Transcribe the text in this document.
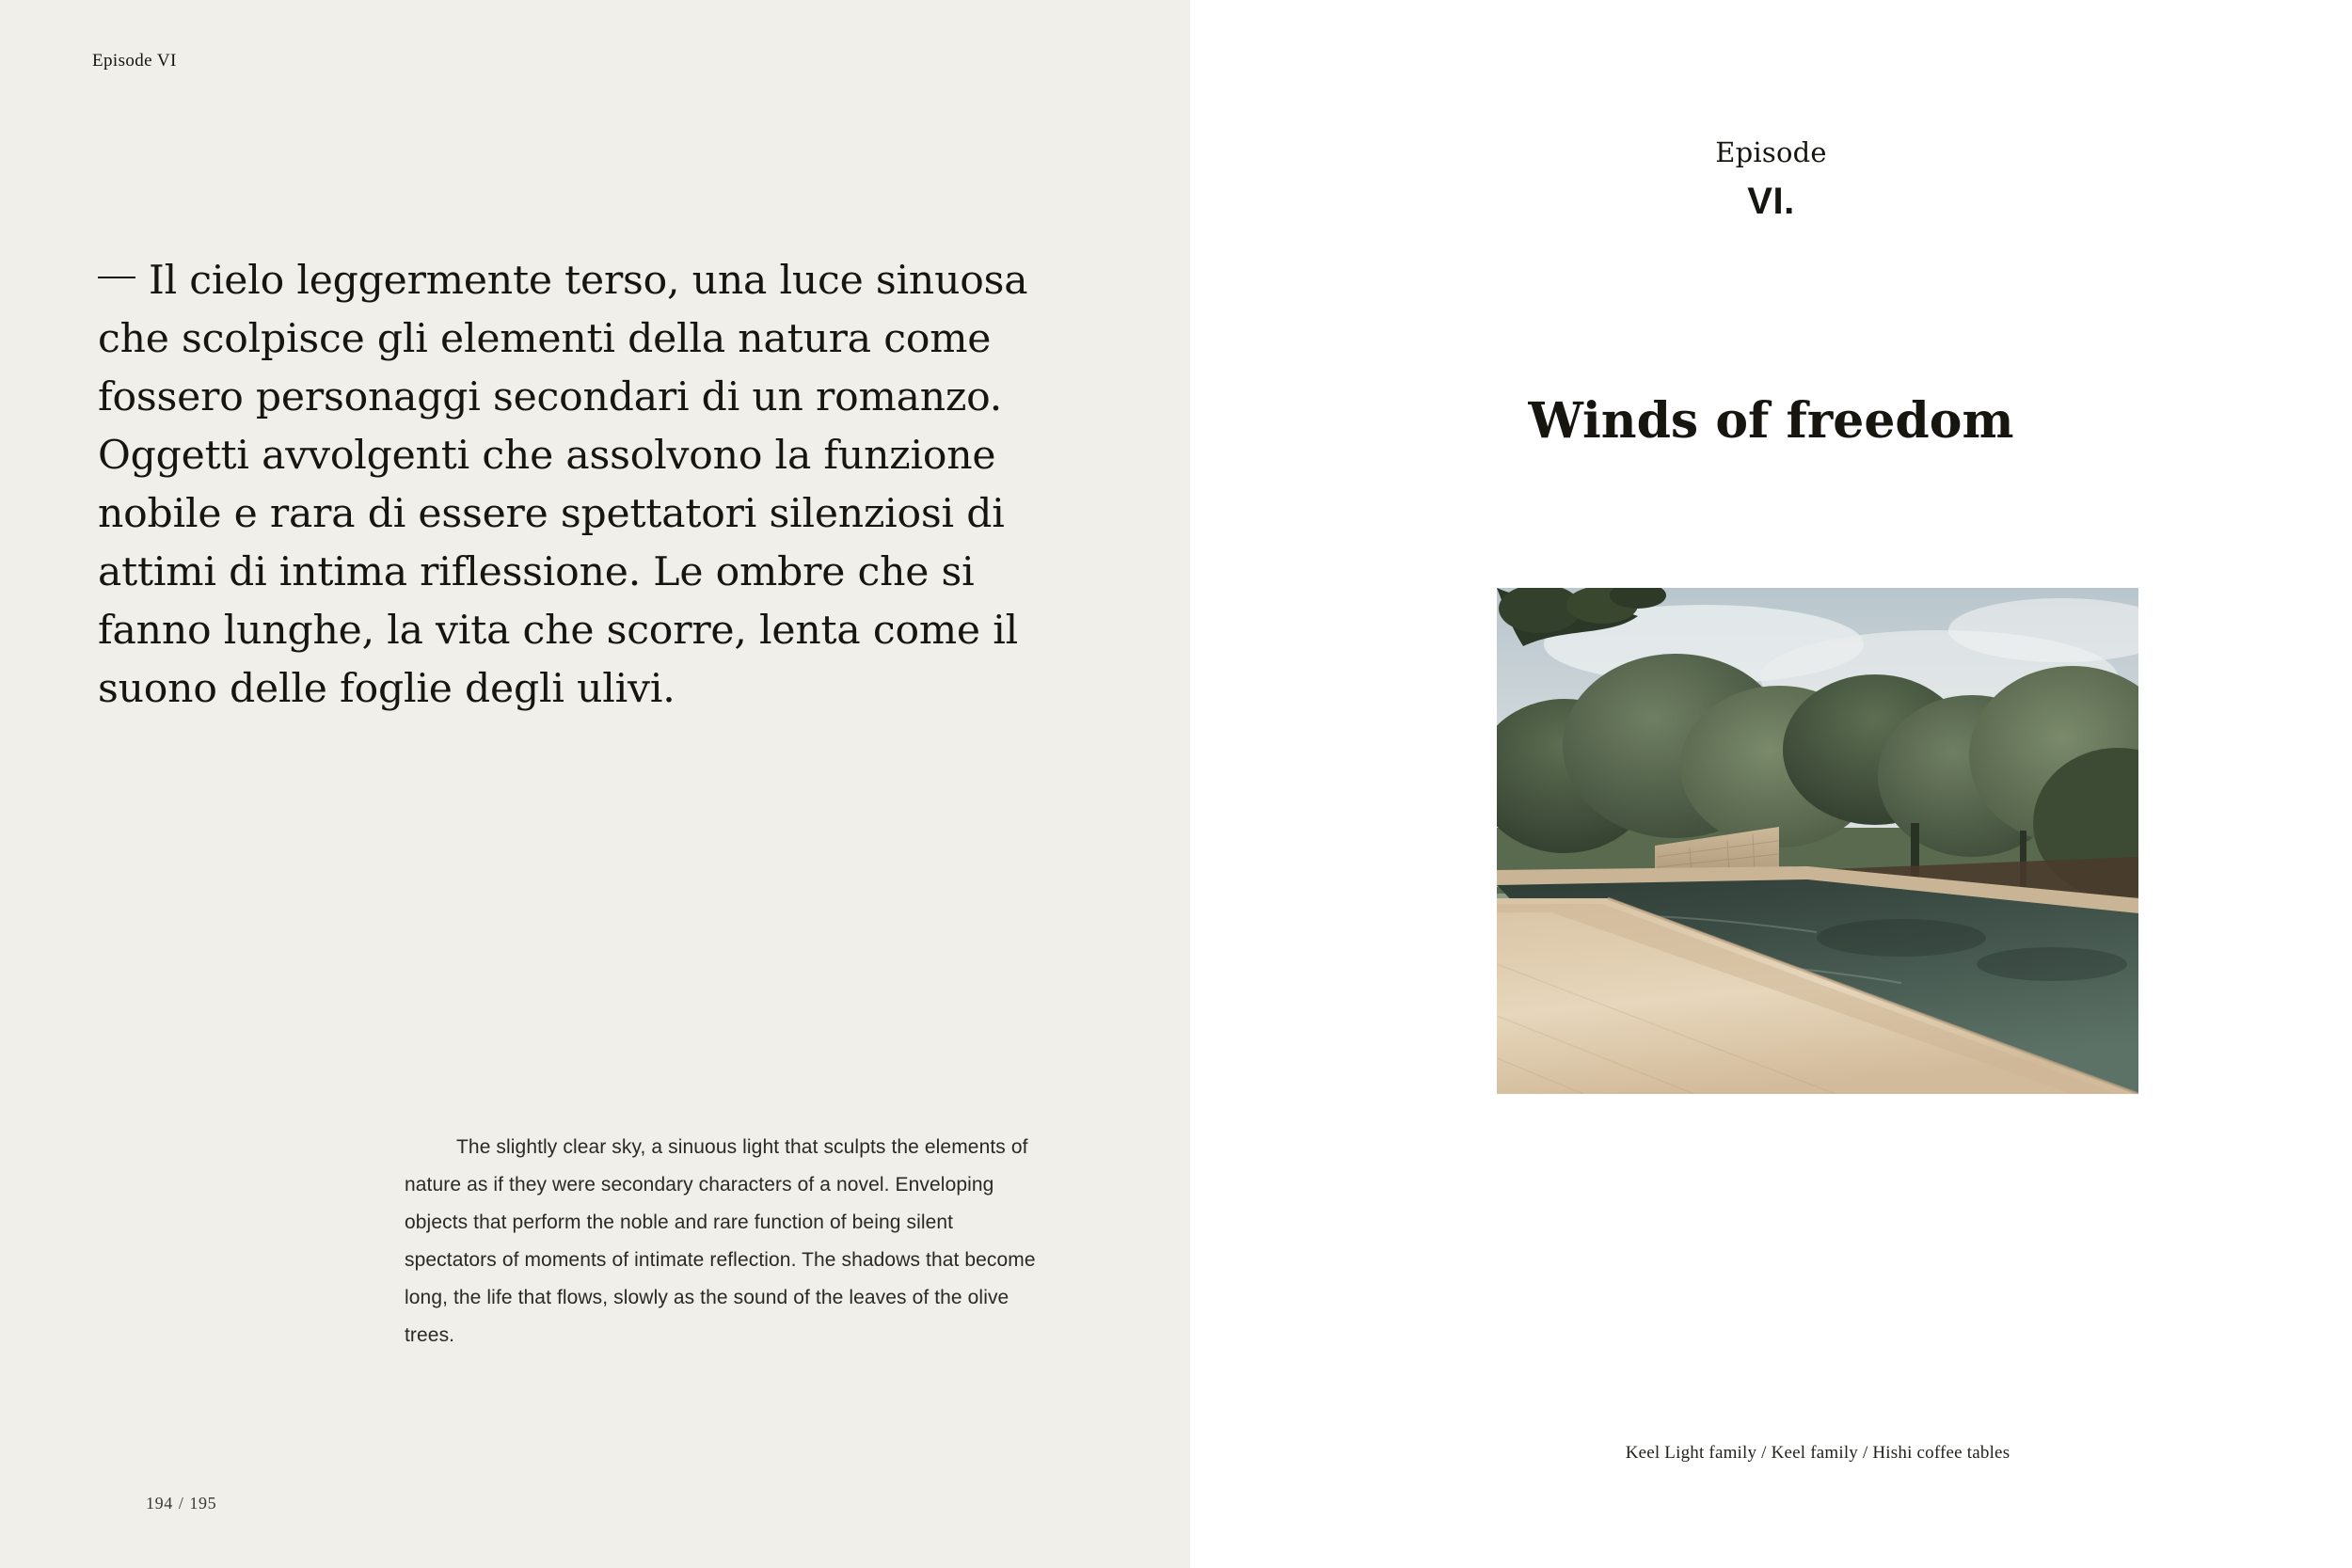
Episode VI

Il cielo leggermente terso, una luce sinuosa che scolpisce gli elementi della natura come fossero personaggi secondari di un romanzo. Oggetti avvolgenti che assolvono la funzione nobile e rara di essere spettatori silenziosi di attimi di intima riflessione. Le ombre che si fanno lunghe, la vita che scorre, lenta come il suono delle foglie degli ulivi.

The slightly clear sky, a sinuous light that sculpts the elements of nature as if they were secondary characters of a novel. Enveloping objects that perform the noble and rare function of being silent spectators of moments of intimate reflection. The shadows that become long, the life that flows, slowly as the sound of the leaves of the olive trees.

194 / 195
Episode
VI.
Winds of freedom
Keel Light family / Keel family / Hishi coffee tables
